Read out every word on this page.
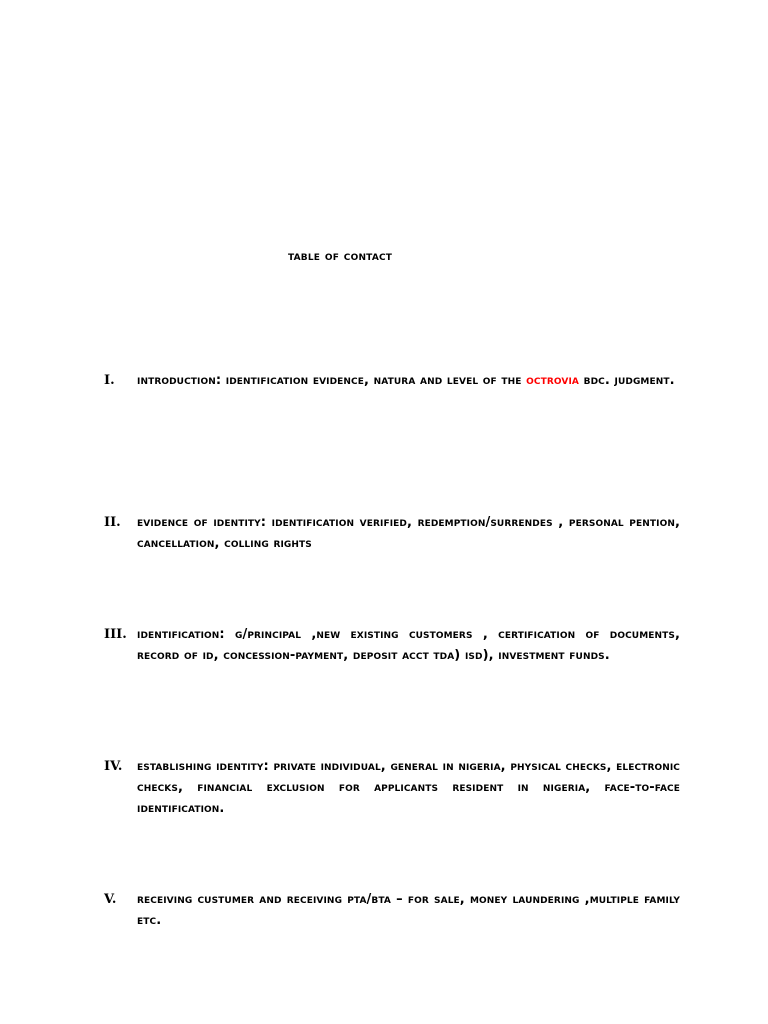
table of contact
I. introduction: identification evidence, natura and level of the octrovia bdc. judgment.
II. evidence of identity: identification verified, redemption/surrendes , personal pention, cancellation, colling rights
III. identification: g/principal ,new existing customers , certification of documents, record of id, concession-payment, deposit acct tda) isd), investment funds.
IV. establishing identity: private individual, general in nigeria, physical checks, electronic checks, financial exclusion for applicants resident in nigeria, face-to-face identification.
V. receiving custumer and receiving pta/bta – for sale, money laundering ,multiple family etc.
